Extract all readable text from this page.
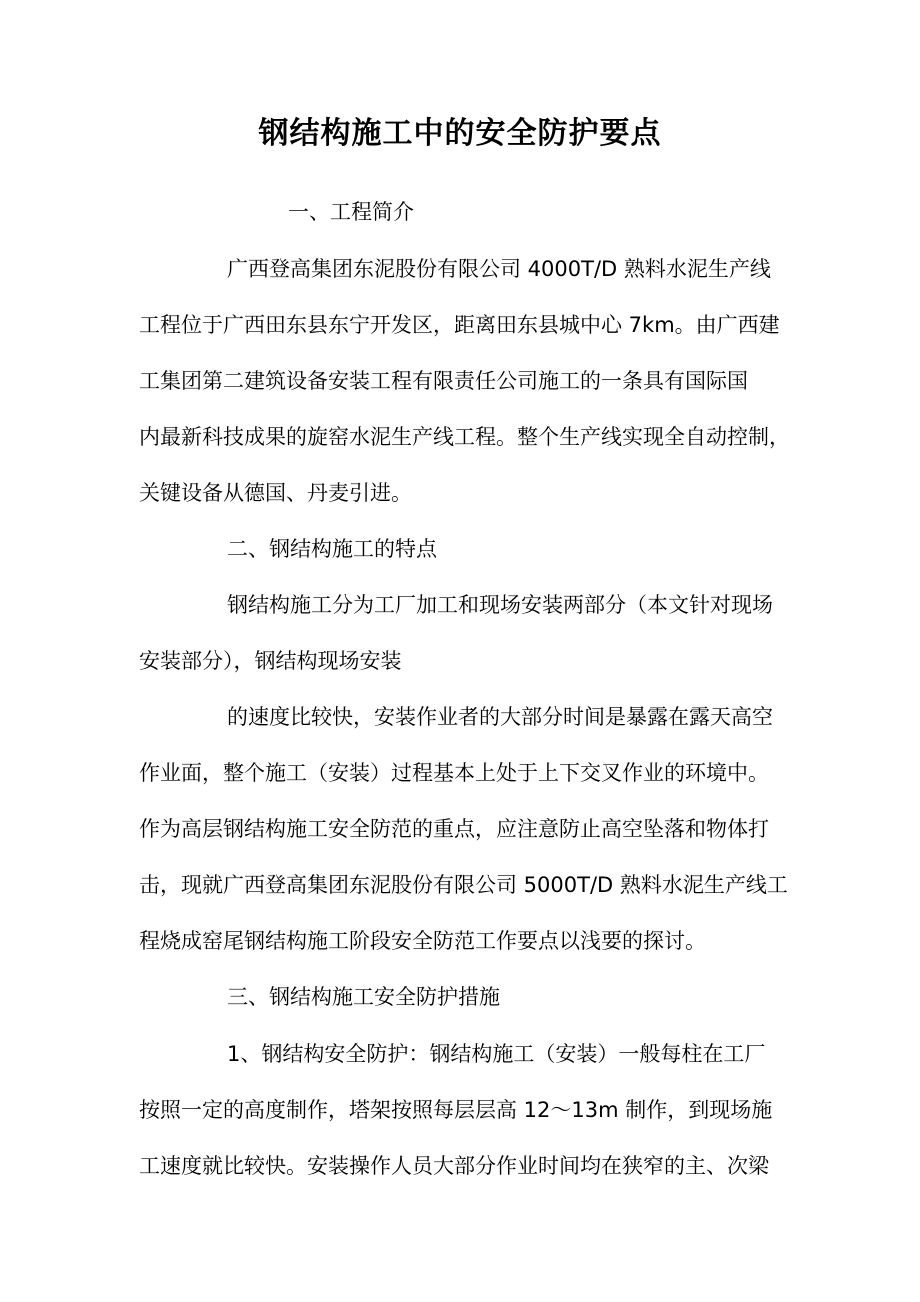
钢结构施工中的安全防护要点
一、工程简介
广西登高集团东泥股份有限公司 4000T/D 熟料水泥生产线
工程位于广西田东县东宁开发区，距离田东县城中心 7km。由广西建
工集团第二建筑设备安装工程有限责任公司施工的一条具有国际国
内最新科技成果的旋窑水泥生产线工程。整个生产线实现全自动控制，
关键设备从德国、丹麦引进。
二、钢结构施工的特点
钢结构施工分为工厂加工和现场安装两部分（本文针对现场
安装部分），钢结构现场安装
的速度比较快，安装作业者的大部分时间是暴露在露天高空
作业面，整个施工（安装）过程基本上处于上下交叉作业的环境中。
作为高层钢结构施工安全防范的重点，应注意防止高空坠落和物体打
击，现就广西登高集团东泥股份有限公司 5000T/D 熟料水泥生产线工
程烧成窑尾钢结构施工阶段安全防范工作要点以浅要的探讨。
三、钢结构施工安全防护措施
1、钢结构安全防护：钢结构施工（安装）一般每柱在工厂
按照一定的高度制作，塔架按照每层层高 12～13m 制作，到现场施
工速度就比较快。安装操作人员大部分作业时间均在狭窄的主、次梁
